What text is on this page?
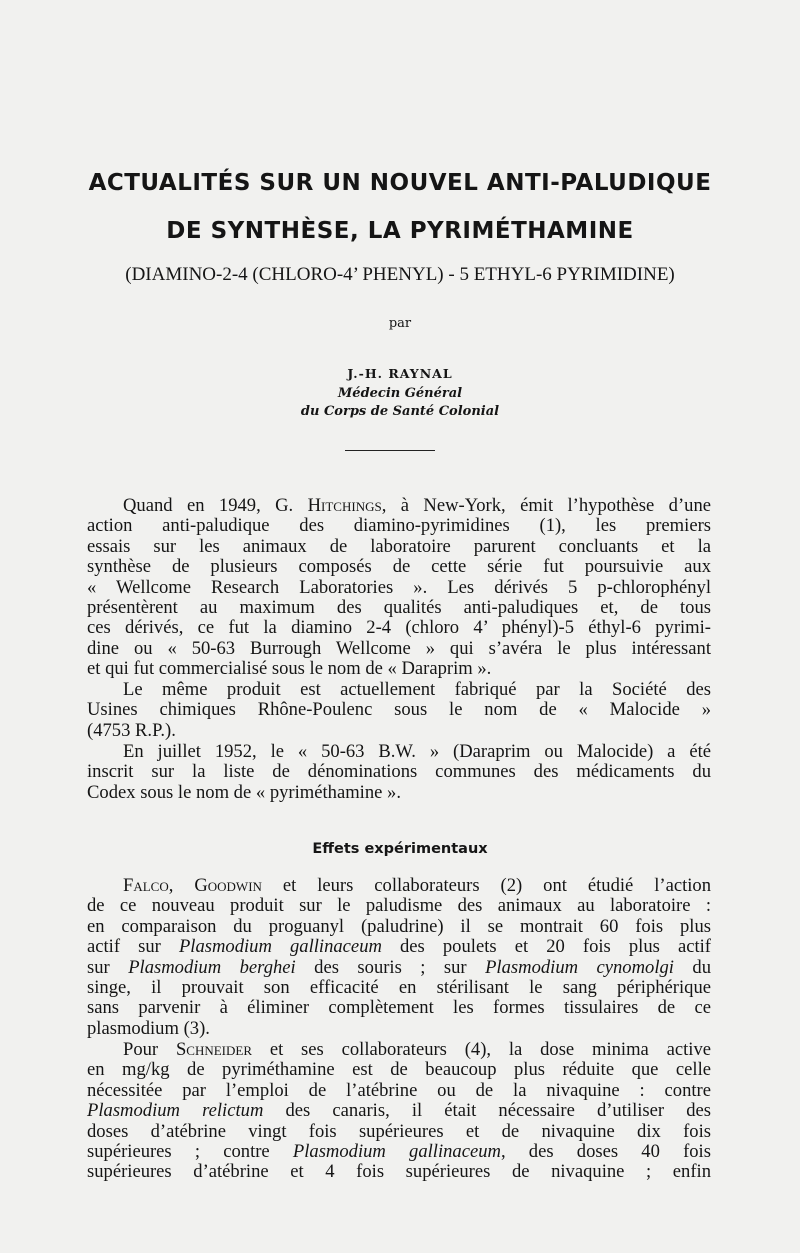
ACTUALITÉS SUR UN NOUVEL ANTI-PALUDIQUE
DE SYNTHÈSE, LA PYRIMÉTHAMINE
(DIAMINO-2-4 (CHLORO-4’ PHENYL) - 5 ETHYL-6 PYRIMIDINE)
par
J.-H. RAYNAL
Médecin Général
du Corps de Santé Colonial
Quand en 1949, G. Hitchings, à New-York, émit l’hypothèse d’une
action anti-paludique des diamino-pyrimidines (1), les premiers
essais sur les animaux de laboratoire parurent concluants et la
synthèse de plusieurs composés de cette série fut poursuivie aux
« Wellcome Research Laboratories ». Les dérivés 5 p-chlorophényl
présentèrent au maximum des qualités anti-paludiques et, de tous
ces dérivés, ce fut la diamino 2-4 (chloro 4’ phényl)-5 éthyl-6 pyrimi-
dine ou « 50-63 Burrough Wellcome » qui s’avéra le plus intéressant
et qui fut commercialisé sous le nom de « Daraprim ».
Le même produit est actuellement fabriqué par la Société des
Usines chimiques Rhône-Poulenc sous le nom de « Malocide »
(4753 R.P.).
En juillet 1952, le « 50-63 B.W. » (Daraprim ou Malocide) a été
inscrit sur la liste de dénominations communes des médicaments du
Codex sous le nom de « pyriméthamine ».
Effets expérimentaux
Falco, Goodwin et leurs collaborateurs (2) ont étudié l’action
de ce nouveau produit sur le paludisme des animaux au laboratoire :
en comparaison du proguanyl (paludrine) il se montrait 60 fois plus
actif sur Plasmodium gallinaceum des poulets et 20 fois plus actif
sur Plasmodium berghei des souris ; sur Plasmodium cynomolgi du
singe, il prouvait son efficacité en stérilisant le sang périphérique
sans parvenir à éliminer complètement les formes tissulaires de ce
plasmodium (3).
Pour Schneider et ses collaborateurs (4), la dose minima active
en mg/kg de pyriméthamine est de beaucoup plus réduite que celle
nécessitée par l’emploi de l’atébrine ou de la nivaquine : contre
Plasmodium relictum des canaris, il était nécessaire d’utiliser des
doses d’atébrine vingt fois supérieures et de nivaquine dix fois
supérieures ; contre Plasmodium gallinaceum, des doses 40 fois
supérieures d’atébrine et 4 fois supérieures de nivaquine ; enfin
